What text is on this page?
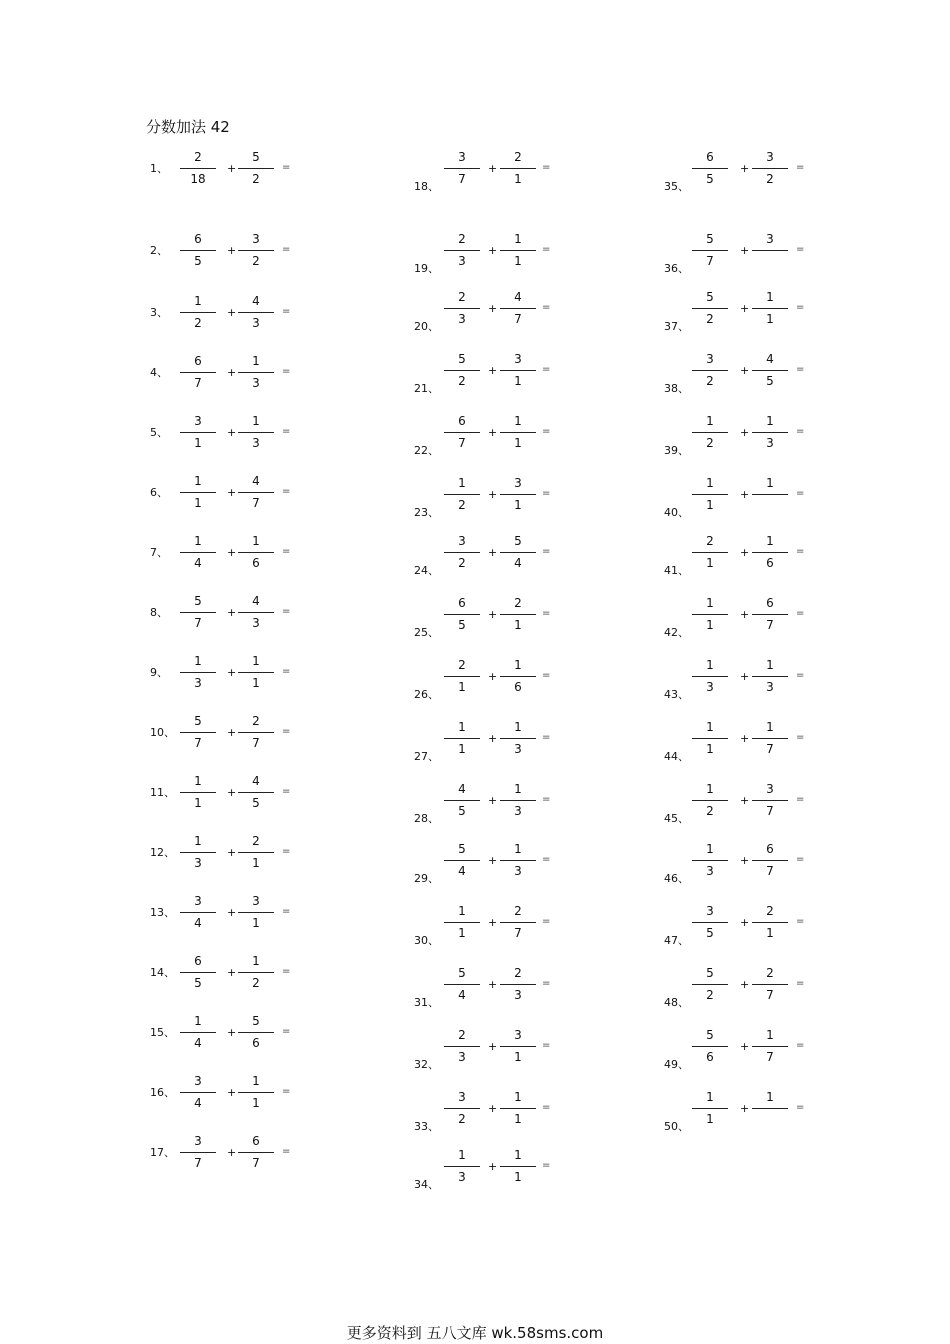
分数加法 42
1、
2
18
+
5
2
=
2、
6
5
+
3
2
=
3、
1
2
+
4
3
=
4、
6
7
+
1
3
=
5、
3
1
+
1
3
=
6、
1
1
+
4
7
=
7、
1
4
+
1
6
=
8、
5
7
+
4
3
=
9、
1
3
+
1
1
=
10、
5
7
+
2
7
=
11、
1
1
+
4
5
=
12、
1
3
+
2
1
=
13、
3
4
+
3
1
=
14、
6
5
+
1
2
=
15、
1
4
+
5
6
=
16、
3
4
+
1
1
=
17、
3
7
+
6
7
=
18、
3
7
+
2
1
=
19、
2
3
+
1
1
=
20、
2
3
+
4
7
=
21、
5
2
+
3
1
=
22、
6
7
+
1
1
=
23、
1
2
+
3
1
=
24、
3
2
+
5
4
=
25、
6
5
+
2
1
=
26、
2
1
+
1
6
=
27、
1
1
+
1
3
=
28、
4
5
+
1
3
=
29、
5
4
+
1
3
=
30、
1
1
+
2
7
=
31、
5
4
+
2
3
=
32、
2
3
+
3
1
=
33、
3
2
+
1
1
=
34、
1
3
+
1
1
=
35、
6
5
+
3
2
=
36、
5
7
+
3
=
37、
5
2
+
1
1
=
38、
3
2
+
4
5
=
39、
1
2
+
1
3
=
40、
1
1
+
1
=
41、
2
1
+
1
6
=
42、
1
1
+
6
7
=
43、
1
3
+
1
3
=
44、
1
1
+
1
7
=
45、
1
2
+
3
7
=
46、
1
3
+
6
7
=
47、
3
5
+
2
1
=
48、
5
2
+
2
7
=
49、
5
6
+
1
7
=
50、
1
1
+
1
=
更多资料到 五八文库 wk.58sms.com
